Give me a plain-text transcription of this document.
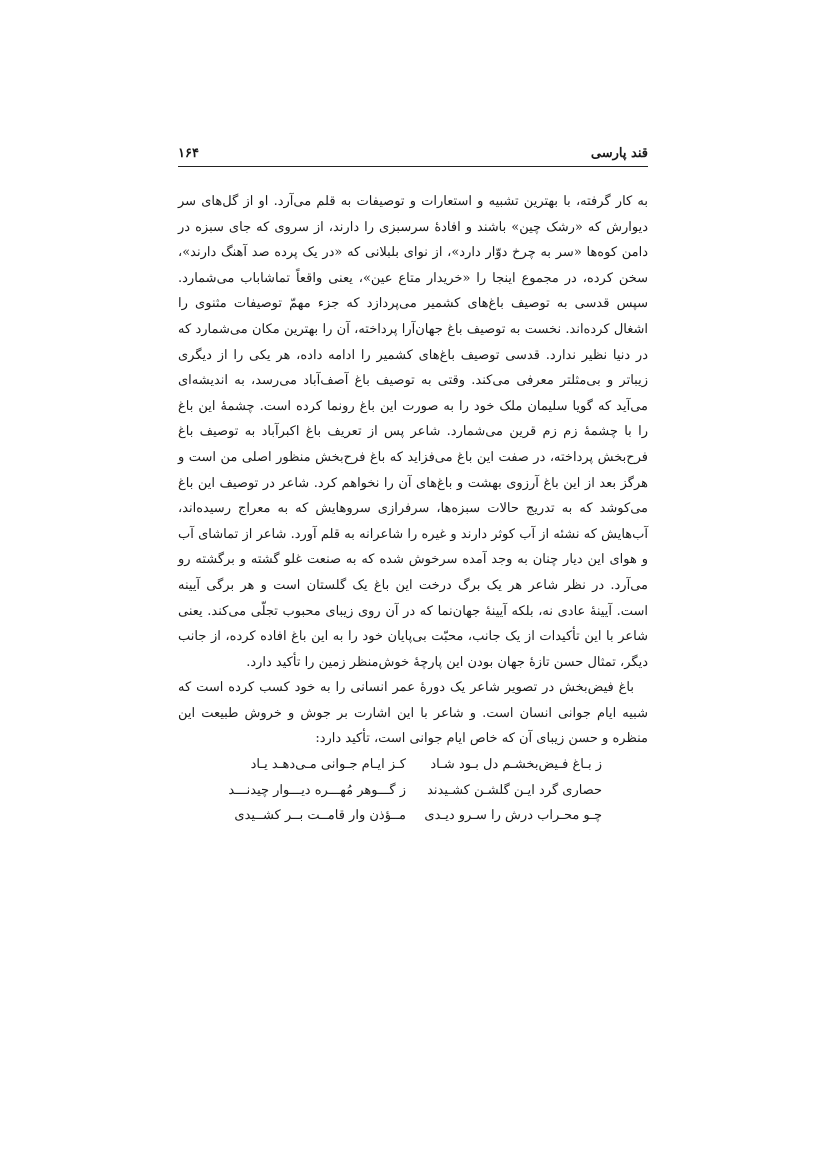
قند پارسی
۱۶۴

به کار گرفته، با بهترین تشبیه و استعارات و توصیفات به قلم می‌آرد. او از گل‌های سر دیوارش که «رشک چین» باشند و افادهٔ سرسبزی را دارند، از سروی که جای سبزه در دامن کوه‌ها «سر به چرخ دوّار دارد»، از نوای بلبلانی که «در یک پرده صد آهنگ دارند»، سخن کرده، در مجموع اینجا را «خریدار متاع عین»، یعنی واقعاً تماشاباب می‌شمارد. سپس قدسی به توصیف باغ‌های کشمیر می‌پردازد که جزء مهمّ توصیفات مثنوی را اشغال کرده‌اند. نخست به توصیف باغ جهان‌آرا پرداخته، آن را بهترین مکان می‌شمارد که در دنیا نظیر ندارد. قدسی توصیف باغ‌های کشمیر را ادامه داده، هر یکی را از دیگری زیباتر و بی‌مثلتر معرفی می‌کند. وقتی به توصیف باغ آصف‌آباد می‌رسد، به اندیشه‌ای می‌آید که گویا سلیمان ملک خود را به صورت این باغ رونما کرده است. چشمهٔ این باغ را با چشمهٔ زم زم قرین می‌شمارد. شاعر پس از تعریف باغ اکبرآباد به توصیف باغ فرح‌بخش پرداخته، در صفت این باغ می‌فزاید که باغ فرح‌بخش منظور اصلی من است و هرگز بعد از این باغ آرزوی بهشت و باغ‌های آن را نخواهم کرد. شاعر در توصیف این باغ می‌کوشد که به تدریج حالات سبزه‌ها، سرفرازی سروهایش که به معراج رسیده‌اند، آب‌هایش که نشئه از آب کوثر دارند و غیره را شاعرانه به قلم آورد. شاعر از تماشای آب و هوای این دیار چنان به وجد آمده سرخوش شده که به صنعت غلو گشته و برگشته رو می‌آرد. در نظر شاعر هر یک برگ درخت این باغ یک گلستان است و هر برگی آیینه است. آیینهٔ عادی نه، بلکه آیینهٔ جهان‌نما که در آن روی زیبای محبوب تجلّی می‌کند. یعنی شاعر با این تأکیدات از یک جانب، محبّت بی‌پایان خود را به این باغ افاده کرده، از جانب دیگر، تمثال حسن تازهٔ جهان بودن این پارچهٔ خوش‌منظر زمین را تأکید دارد.

باغ فیض‌بخش در تصویر شاعر یک دورهٔ عمر انسانی را به خود کسب کرده است که شبیه ایام جوانی انسان است. و شاعر با این اشارت بر جوش و خروش طبیعت این منظره و حسن زیبای آن که خاص ایام جوانی است، تأکید دارد:

ز بـاغ فـیض‌بخشـم دل بـود شـاد
کـز ایـام جـوانی مـی‌دهـد یـاد
حصاری گرد ایـن گلشـن کشـیدند
ز گـــوهر مُهـــره دیـــوار چیدنـــد
چـو محـراب درش را سـرو دیـدی
مــؤذن وار قامــت بــر کشــیدی
